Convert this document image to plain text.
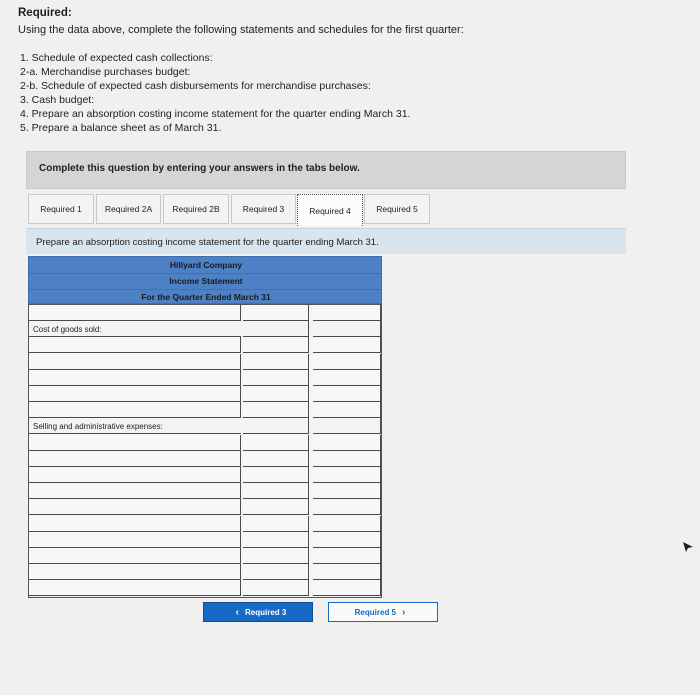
Required:
Using the data above, complete the following statements and schedules for the first quarter:
1. Schedule of expected cash collections:
2-a. Merchandise purchases budget:
2-b. Schedule of expected cash disbursements for merchandise purchases:
3. Cash budget:
4. Prepare an absorption costing income statement for the quarter ending March 31.
5. Prepare a balance sheet as of March 31.
Complete this question by entering your answers in the tabs below.
Required 1	Required 2A	Required 2B	Required 3	Required 4	Required 5
Prepare an absorption costing income statement for the quarter ending March 31.
Hillyard Company
Income Statement
For the Quarter Ended March 31
Cost of goods sold:
Selling and administrative expenses:
‹ Required 3	Required 5 ›
